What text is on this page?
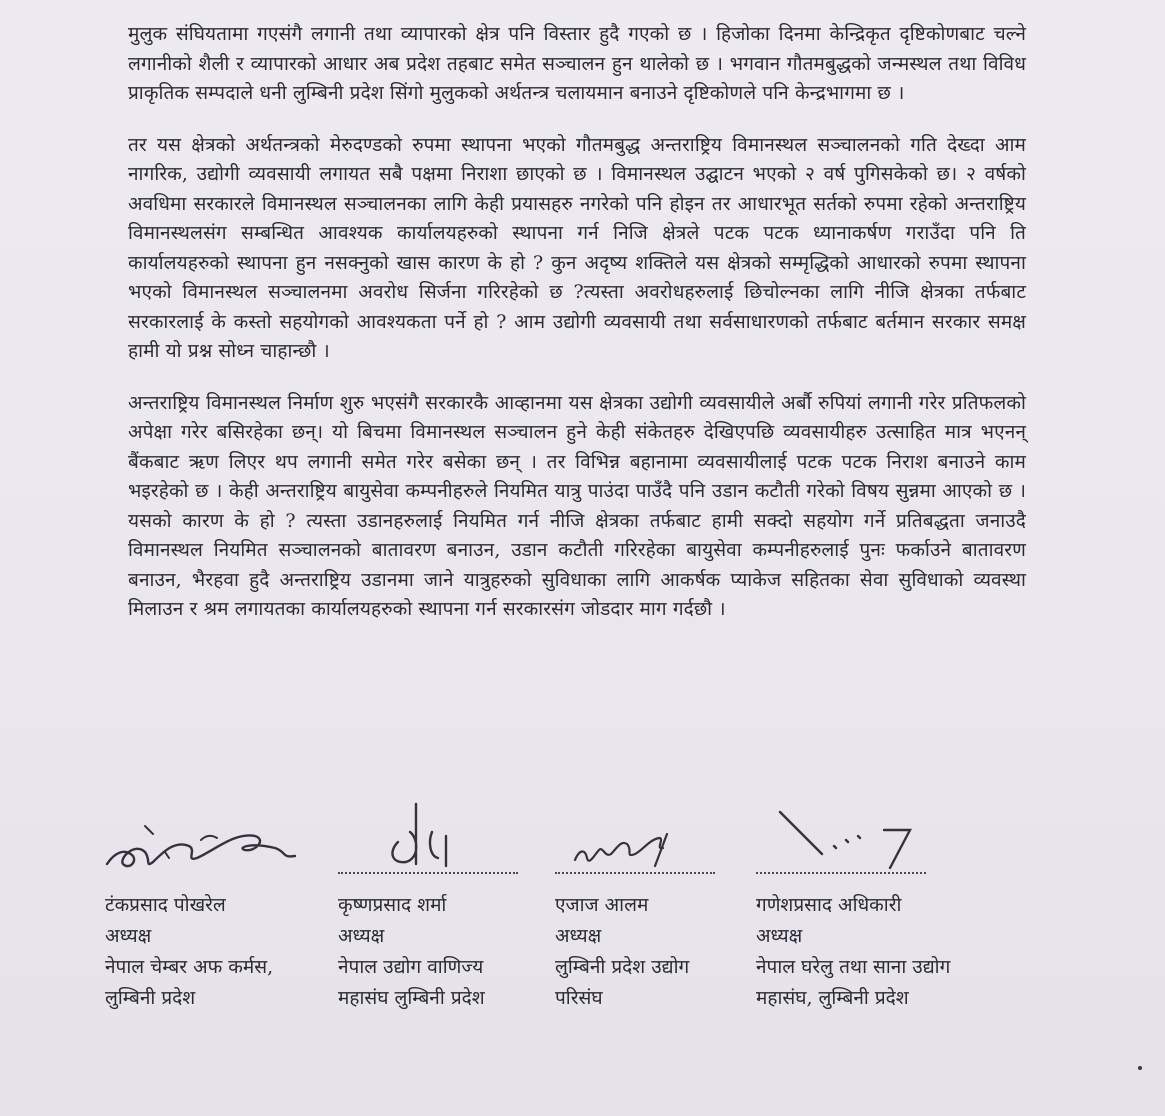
मुलुक संघियतामा गएसंगै लगानी तथा व्यापारको क्षेत्र पनि विस्तार हुदै गएको छ । हिजोका दिनमा केन्द्रिकृत दृष्टिकोणबाट चल्ने लगानीको शैली र व्यापारको आधार अब प्रदेश तहबाट समेत सञ्चालन हुन थालेको छ । भगवान गौतमबुद्धको जन्मस्थल तथा विविध प्राकृतिक सम्पदाले धनी लुम्बिनी प्रदेश सिंगो मुलुकको अर्थतन्त्र चलायमान बनाउने दृष्टिकोणले पनि केन्द्रभागमा छ ।

तर यस क्षेत्रको अर्थतन्त्रको मेरुदण्डको रुपमा स्थापना भएको गौतमबुद्ध अन्तराष्ट्रिय विमानस्थल सञ्चालनको गति देख्दा आम नागरिक, उद्योगी व्यवसायी लगायत सबै पक्षमा निराशा छाएको छ । विमानस्थल उद्घाटन भएको २ वर्ष पुगिसकेको छ। २ वर्षको अवधिमा सरकारले विमानस्थल सञ्चालनका लागि केही प्रयासहरु नगरेको पनि होइन तर आधारभूत सर्तको रुपमा रहेको अन्तराष्ट्रिय विमानस्थलसंग सम्बन्धित आवश्यक कार्यालयहरुको स्थापना गर्न निजि क्षेत्रले पटक पटक ध्यानाकर्षण गराउँदा पनि ति कार्यालयहरुको स्थापना हुन नसक्नुको खास कारण के हो ? कुन अदृष्य शक्तिले यस क्षेत्रको सम्मृद्धिको आधारको रुपमा स्थापना भएको विमानस्थल सञ्चालनमा अवरोध सिर्जना गरिरहेको छ ?त्यस्ता अवरोधहरुलाई छिचोल्नका लागि नीजि क्षेत्रका तर्फबाट सरकारलाई के कस्तो सहयोगको आवश्यकता पर्ने हो ? आम उद्योगी व्यवसायी तथा सर्वसाधारणको तर्फबाट बर्तमान सरकार समक्ष हामी यो प्रश्न सोध्न चाहान्छौ ।

अन्तराष्ट्रिय विमानस्थल निर्माण शुरु भएसंगै सरकारकै आव्हानमा यस क्षेत्रका उद्योगी व्यवसायीले अर्बौ रुपियां लगानी गरेर प्रतिफलको अपेक्षा गरेर बसिरहेका छन्। यो बिचमा विमानस्थल सञ्चालन हुने केही संकेतहरु देखिएपछि व्यवसायीहरु उत्साहित मात्र भएनन् बैंकबाट ऋण लिएर थप लगानी समेत गरेर बसेका छन् । तर विभिन्न बहानामा व्यवसायीलाई पटक पटक निराश बनाउने काम भइरहेको छ । केही अन्तराष्ट्रिय बायुसेवा कम्पनीहरुले नियमित यात्रु पाउंदा पाउँदै पनि उडान कटौती गरेको विषय सुन्नमा आएको छ । यसको कारण के हो ? त्यस्ता उडानहरुलाई नियमित गर्न नीजि क्षेत्रका तर्फबाट हामी सक्दो सहयोग गर्ने प्रतिबद्धता जनाउदै विमानस्थल नियमित सञ्चालनको बातावरण बनाउन, उडान कटौती गरिरहेका बायुसेवा कम्पनीहरुलाई पुनः फर्काउने बातावरण बनाउन, भैरहवा हुदै अन्तराष्ट्रिय उडानमा जाने यात्रुहरुको सुविधाका लागि आकर्षक प्याकेज सहितका सेवा सुविधाको व्यवस्था मिलाउन र श्रम लगायतका कार्यालयहरुको स्थापना गर्न सरकारसंग जोडदार माग गर्दछौ ।

टंकप्रसाद पोखरेल
अध्यक्ष
नेपाल चेम्बर अफ कर्मस,
लुम्बिनी प्रदेश
कृष्णप्रसाद शर्मा
अध्यक्ष
नेपाल उद्योग वाणिज्य
महासंघ लुम्बिनी प्रदेश
एजाज आलम
अध्यक्ष
लुम्बिनी प्रदेश उद्योग
परिसंघ
गणेशप्रसाद अधिकारी
अध्यक्ष
नेपाल घरेलु तथा साना उद्योग
महासंघ, लुम्बिनी प्रदेश
